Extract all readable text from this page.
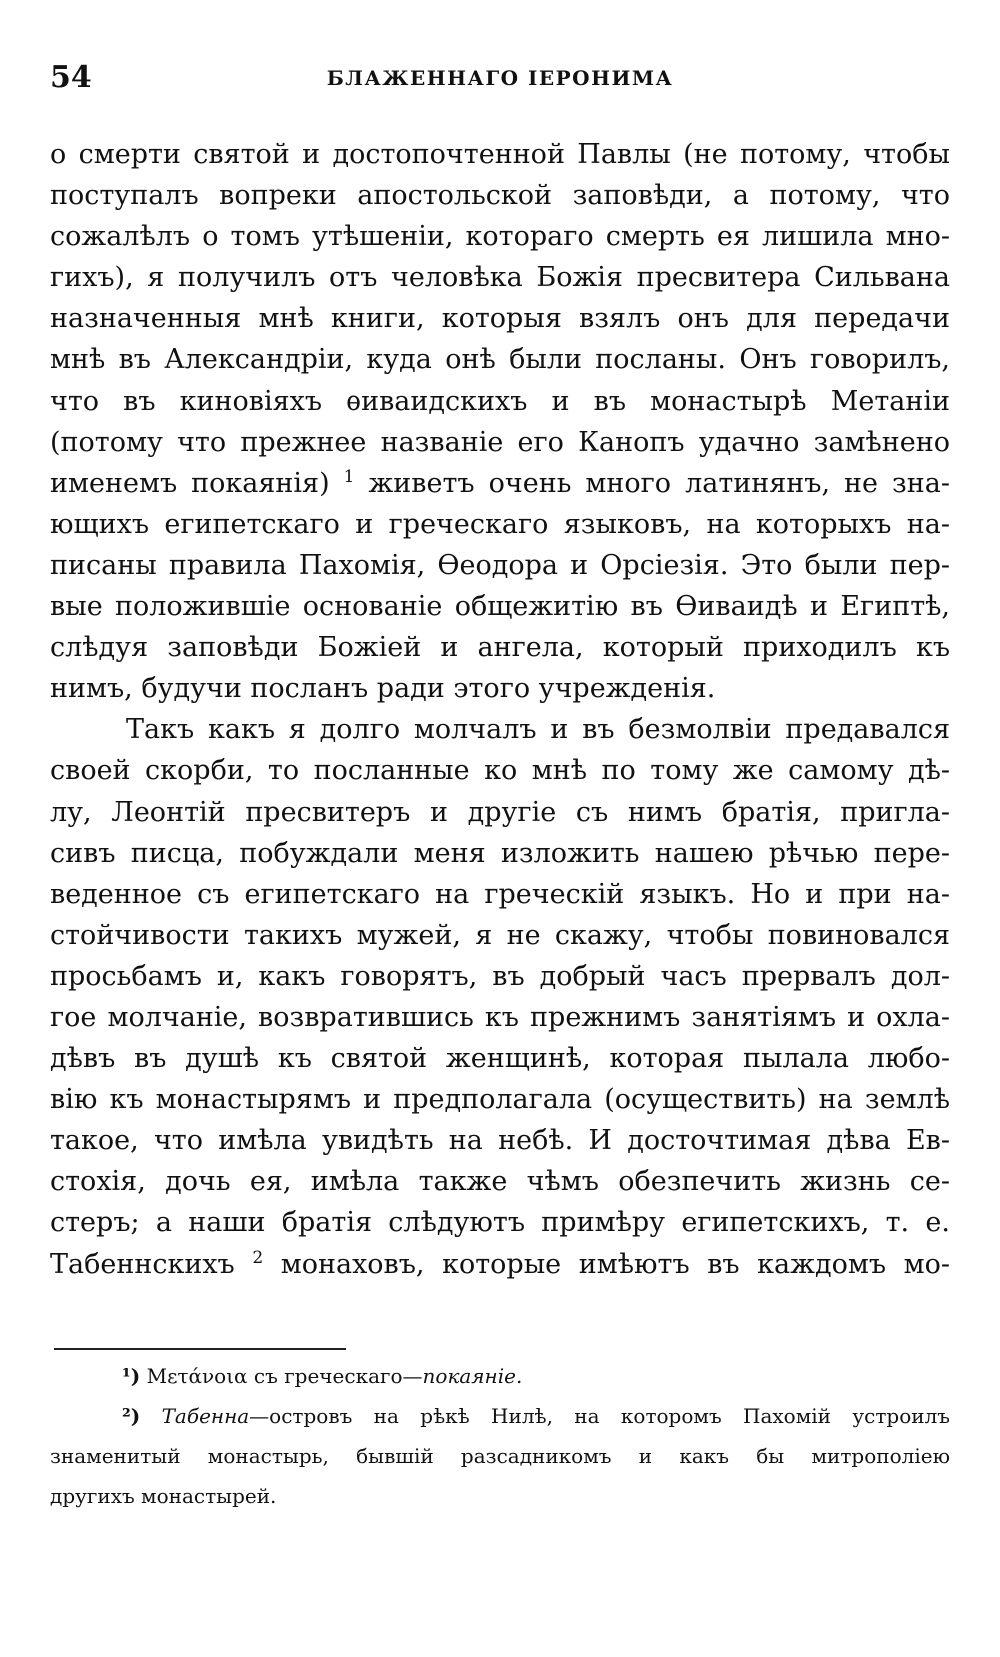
54	БЛАЖЕННАГО IЕРОНИМА
о смерти святой и достопочтенной Павлы (не потому, чтобы
поступалъ вопреки апостольской заповѣди, а потому, что
сожалѣлъ о томъ утѣшенiи, котораго смерть ея лишила мно-
гихъ), я получилъ отъ человѣка Божiя пресвитера Сильвана
назначенныя мнѣ книги, которыя взялъ онъ для передачи
мнѣ въ Александрiи, куда онѣ были посланы. Онъ говорилъ,
что въ киновiяхъ ѳиваидскихъ и въ монастырѣ Метанiи
(потому что прежнее названiе его Канопъ удачно замѣнено
именемъ покаянiя) $^1$ живетъ очень много латинянъ, не зна-
ющихъ египетскаго и греческаго языковъ, на которыхъ на-
писаны правила Пахомiя, Ѳеодора и Орсiезiя. Это были пер-
вые положившiе основанiе общежитiю въ Ѳиваидѣ и Египтѣ,
слѣдуя заповѣди Божiей и ангела, который приходилъ къ
нимъ, будучи посланъ ради этого учрежденiя.
Такъ какъ я долго молчалъ и въ безмолвiи предавался
своей скорби, то посланные ко мнѣ по тому же самому дѣ-
лу, Леонтiй пресвитеръ и другiе съ нимъ братiя, пригла-
сивъ писца, побуждали меня изложить нашею рѣчью пере-
веденное съ египетскаго на греческiй языкъ. Но и при на-
стойчивости такихъ мужей, я не скажу, чтобы повиновался
просьбамъ и, какъ говорятъ, въ добрый часъ прервалъ дол-
гое молчанiе, возвратившись къ прежнимъ занятiямъ и охла-
дѣвъ въ душѣ къ святой женщинѣ, которая пылала любо-
вiю къ монастырямъ и предполагала (осуществить) на землѣ
такое, что имѣла увидѣть на небѣ. И досточтимая дѣва Ев-
стохiя, дочь ея, имѣла также чѣмъ обезпечить жизнь се-
стеръ; а наши братiя слѣдуютъ примѣру египетскихъ, т. е.
Табеннскихъ $^2$ монаховъ, которые имѣютъ въ каждомъ мо-
¹) Μετάνοια съ греческаго—покаянiе.
²) Табенна—островъ на рѣкѣ Нилѣ, на которомъ Пахомiй устроилъ
знаменитый монастырь, бывшiй разсадникомъ и какъ бы митрополiею
другихъ монастырей.
